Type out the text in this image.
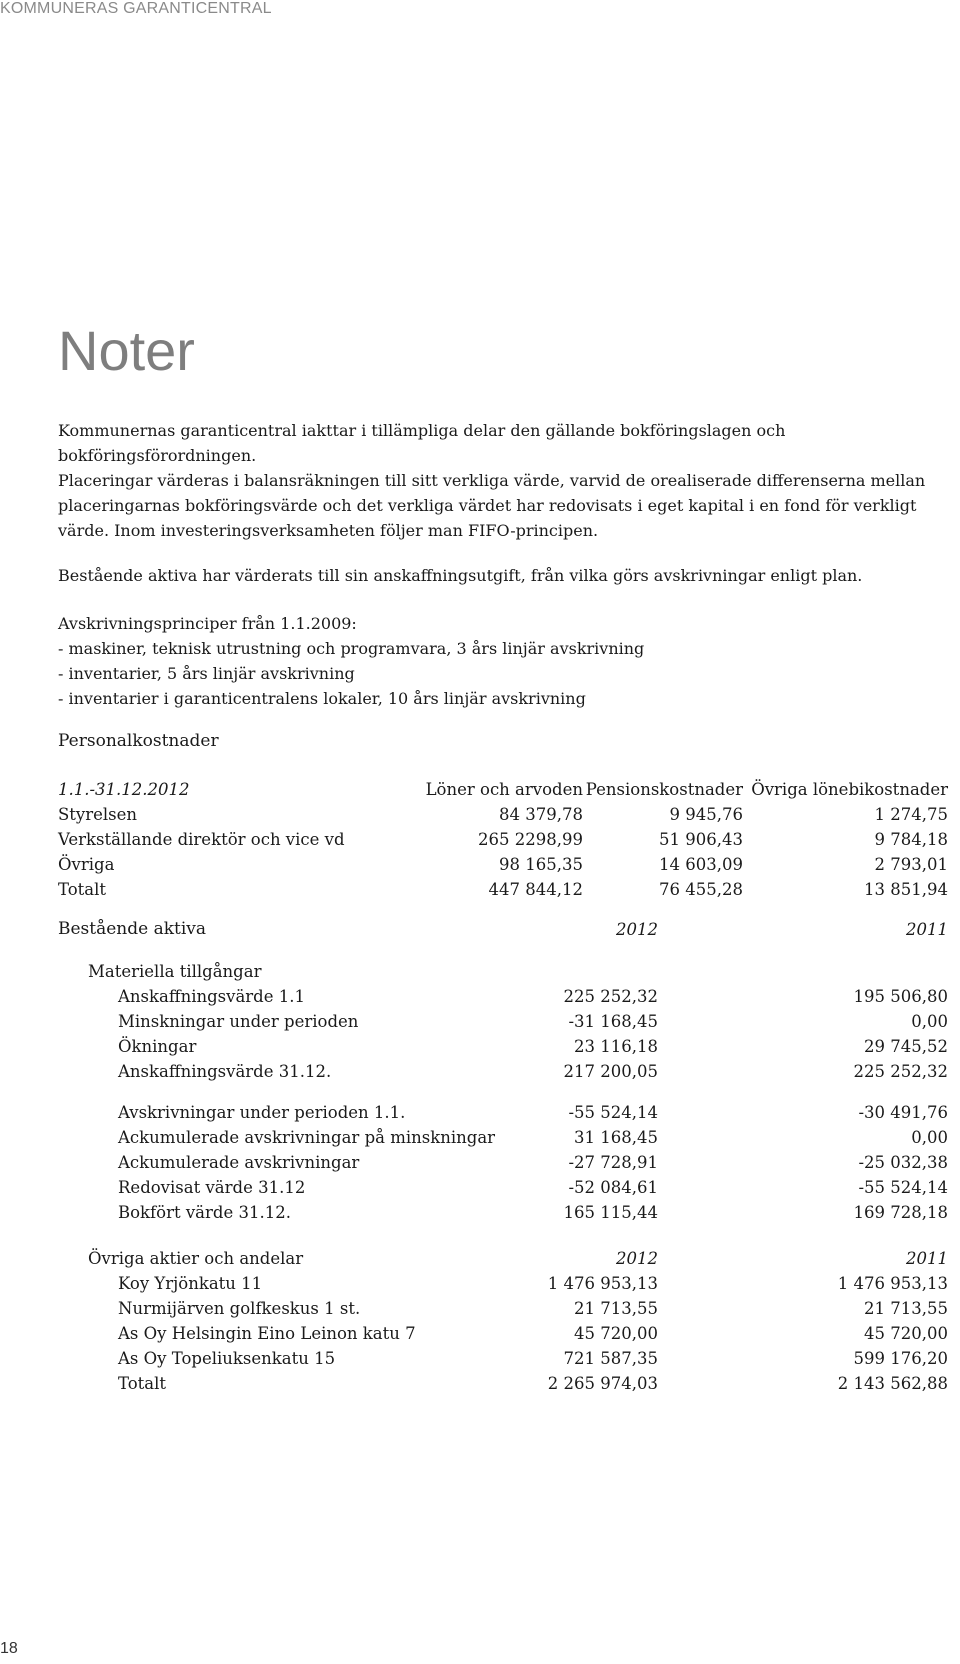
KOMMUNERAS GARANTICENTRAL
Noter

Kommunernas garanticentral iakttar i tillämpliga delar den gällande bokföringslagen och bokföringsförordningen.

Placeringar värderas i balansräkningen till sitt verkliga värde, varvid de orealiserade differenserna mellan placeringarnas bokföringsvärde och det verkliga värdet har redovisats i eget kapital i en fond för verkligt värde. Inom investeringsverksamheten följer man FIFO-principen.

Bestående aktiva har värderats till sin anskaffningsutgift, från vilka görs avskrivningar enligt plan.

Avskrivningsprinciper från 1.1.2009:

- maskiner, teknisk utrustning och programvara, 3 års linjär avskrivning

- inventarier, 5 års linjär avskrivning

- inventarier i garanticentralens lokaler, 10 års linjär avskrivning

Personalkostnader
1.1.-31.12.2012	Löner och arvoden Pensionskostnader Övriga lönebikostnader
Styrelsen	84 379,78	9 945,76	1 274,75
Verkställande direktör och vice vd	265 2298,99	51 906,43	9 784,18
Övriga	98 165,35	14 603,09	2 793,01
Totalt	447 844,12	76 455,28	13 851,94
Bestående aktiva	2012	2011
Materiella tillgångar
Anskaffningsvärde 1.1	225 252,32	195 506,80
Minskningar under perioden	-31 168,45	0,00
Ökningar	23 116,18	29 745,52
Anskaffningsvärde 31.12.	217 200,05	225 252,32
Avskrivningar under perioden 1.1.	-55 524,14	-30 491,76
Ackumulerade avskrivningar på minskningar	31 168,45	0,00
Ackumulerade avskrivningar	-27 728,91	-25 032,38
Redovisat värde 31.12	-52 084,61	-55 524,14
Bokfört värde 31.12.	165 115,44	169 728,18
Övriga aktier och andelar	2012	2011
Koy Yrjönkatu 11	1 476 953,13	1 476 953,13
Nurmijärven golfkeskus 1 st.	21 713,55	21 713,55
As Oy Helsingin Eino Leinon katu 7	45 720,00	45 720,00
As Oy Topeliuksenkatu 15	721 587,35	599 176,20
Totalt	2 265 974,03	2 143 562,88
18
